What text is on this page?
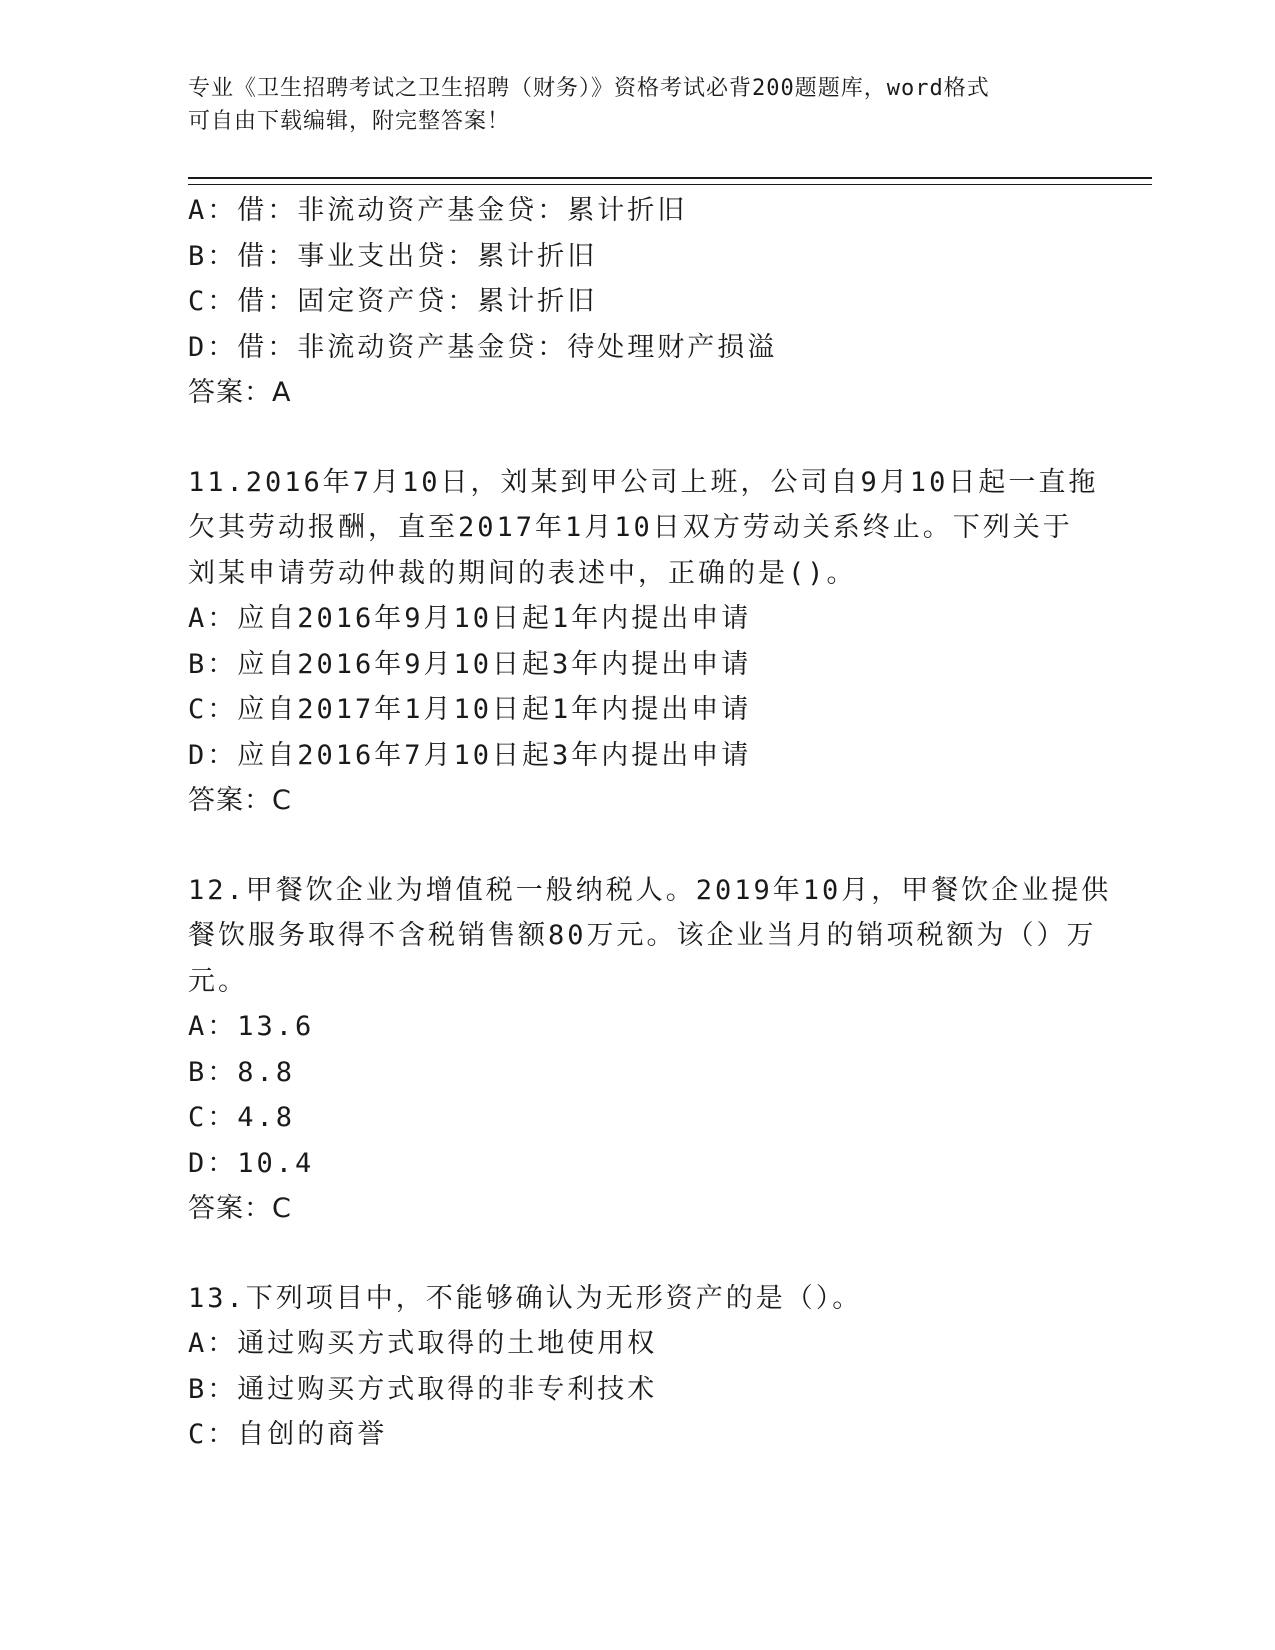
专业《卫生招聘考试之卫生招聘（财务）》资格考试必背200题题库，word格式
可自由下载编辑，附完整答案！
A：借：非流动资产基金贷：累计折旧
B：借：事业支出贷：累计折旧
C：借：固定资产贷：累计折旧
D：借：非流动资产基金贷：待处理财产损溢
答案：A
11.2016年7月10日，刘某到甲公司上班，公司自9月10日起一直拖
欠其劳动报酬，直至2017年1月10日双方劳动关系终止。下列关于
刘某申请劳动仲裁的期间的表述中，正确的是()。
A：应自2016年9月10日起1年内提出申请
B：应自2016年9月10日起3年内提出申请
C：应自2017年1月10日起1年内提出申请
D：应自2016年7月10日起3年内提出申请
答案：C
12.甲餐饮企业为增值税一般纳税人。2019年10月，甲餐饮企业提供
餐饮服务取得不含税销售额80万元。该企业当月的销项税额为（）万
元。
A：13.6
B：8.8
C：4.8
D：10.4
答案：C
13.下列项目中，不能够确认为无形资产的是（）。
A：通过购买方式取得的土地使用权
B：通过购买方式取得的非专利技术
C：自创的商誉
